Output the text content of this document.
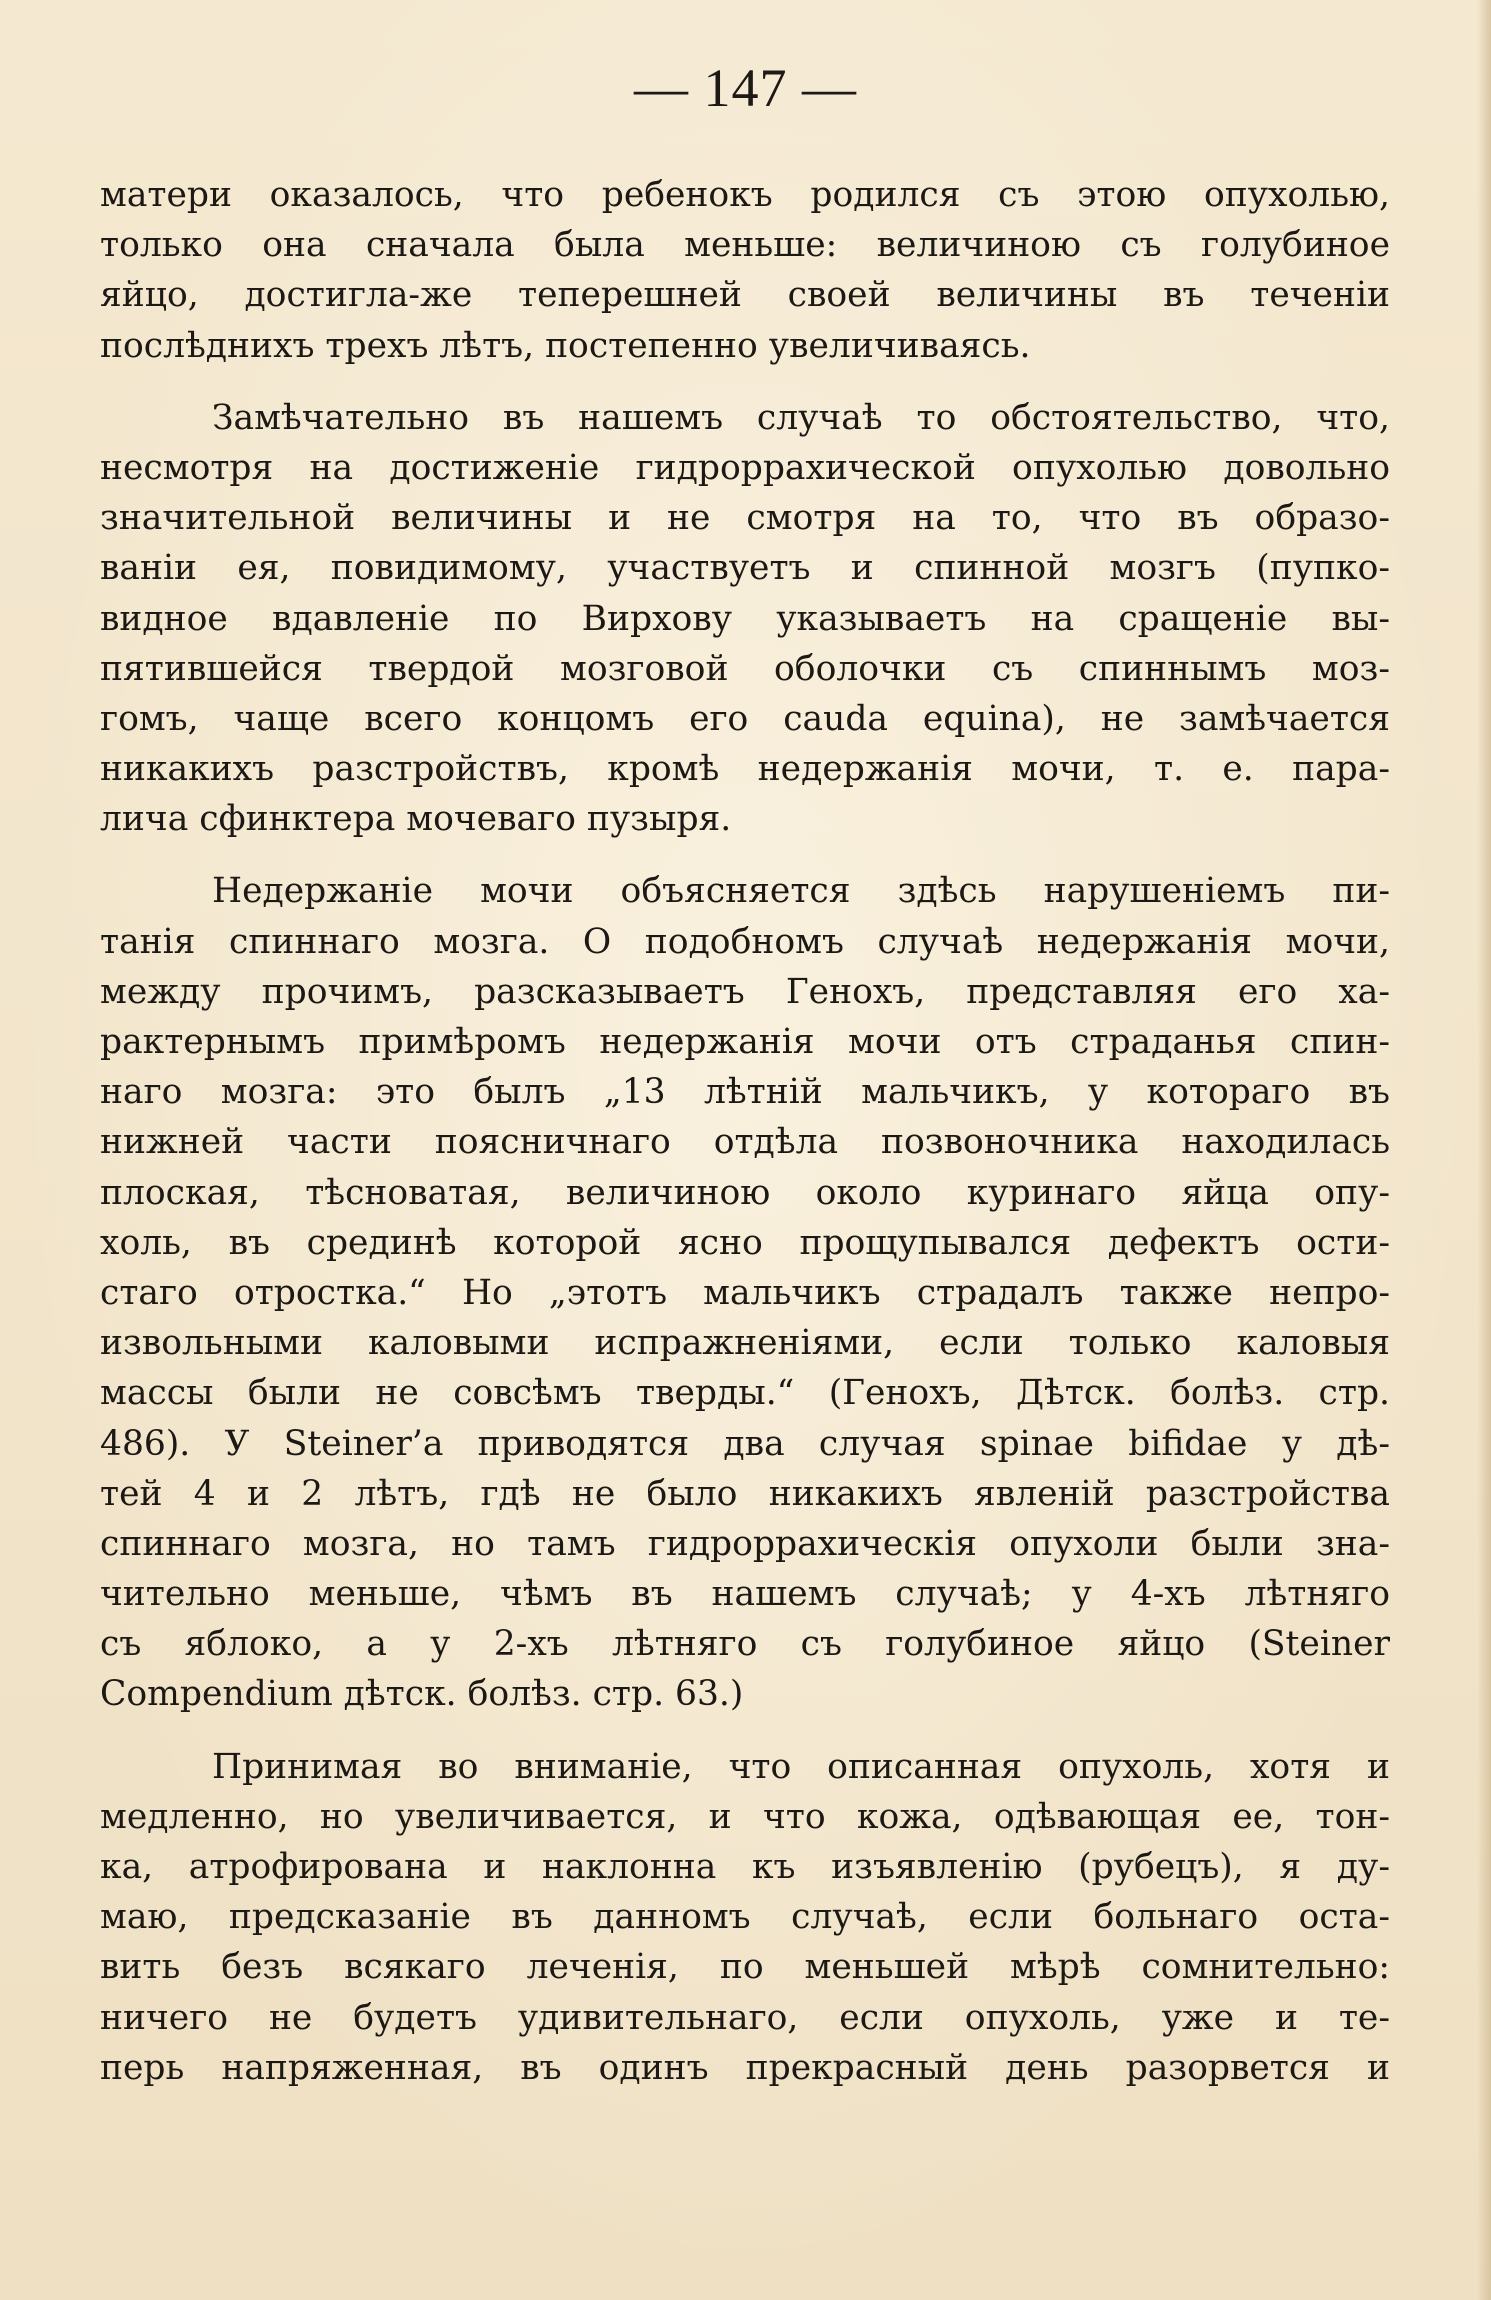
— 147 —
матери оказалось, что ребенокъ родился съ этою опухолью,
только она сначала была меньше: величиною съ голубиное
яйцо, достигла-же теперешней своей величины въ теченіи
послѣднихъ трехъ лѣтъ, постепенно увеличиваясь.
Замѣчательно въ нашемъ случаѣ то обстоятельство, что,
несмотря на достиженіе гидроррахической опухолью довольно
значительной величины и не смотря на то, что въ образо-
ваніи ея, повидимому, участвуетъ и спинной мозгъ (пупко-
видное вдавленіе по Вирхову указываетъ на сращеніе вы-
пятившейся твердой мозговой оболочки съ спиннымъ моз-
гомъ, чаще всего концомъ его cauda equina), не замѣчается
никакихъ разстройствъ, кромѣ недержанія мочи, т. е. пара-
лича сфинктера мочеваго пузыря.
Недержаніе мочи объясняется здѣсь нарушеніемъ пи-
танія спиннаго мозга. О подобномъ случаѣ недержанія мочи,
между прочимъ, разсказываетъ Генохъ, представляя его ха-
рактернымъ примѣромъ недержанія мочи отъ страданья спин-
наго мозга: это былъ „13 лѣтній мальчикъ, у котораго въ
нижней части поясничнаго отдѣла позвоночника находилась
плоская, тѣсноватая, величиною около куринаго яйца опу-
холь, въ срединѣ которой ясно прощупывался дефектъ ости-
стаго отростка.“ Но „этотъ мальчикъ страдалъ также непро-
извольными каловыми испражненіями, если только каловыя
массы были не совсѣмъ тверды.“ (Генохъ, Дѣтск. болѣз. стр.
486). У Steiner’a приводятся два случая spinae bifidae у дѣ-
тей 4 и 2 лѣтъ, гдѣ не было никакихъ явленій разстройства
спиннаго мозга, но тамъ гидроррахическія опухоли были зна-
чительно меньше, чѣмъ въ нашемъ случаѣ; у 4-хъ лѣтняго
съ яблоко, а у 2-хъ лѣтняго съ голубиное яйцо (Steiner
Compendium дѣтск. болѣз. стр. 63.)
Принимая во вниманіе, что описанная опухоль, хотя и
медленно, но увеличивается, и что кожа, одѣвающая ее, тон-
ка, атрофирована и наклонна къ изъявленію (рубецъ), я ду-
маю, предсказаніе въ данномъ случаѣ, если больнаго оста-
вить безъ всякаго леченія, по меньшей мѣрѣ сомнительно:
ничего не будетъ удивительнаго, если опухоль, уже и те-
перь напряженная, въ одинъ прекрасный день разорвется и
